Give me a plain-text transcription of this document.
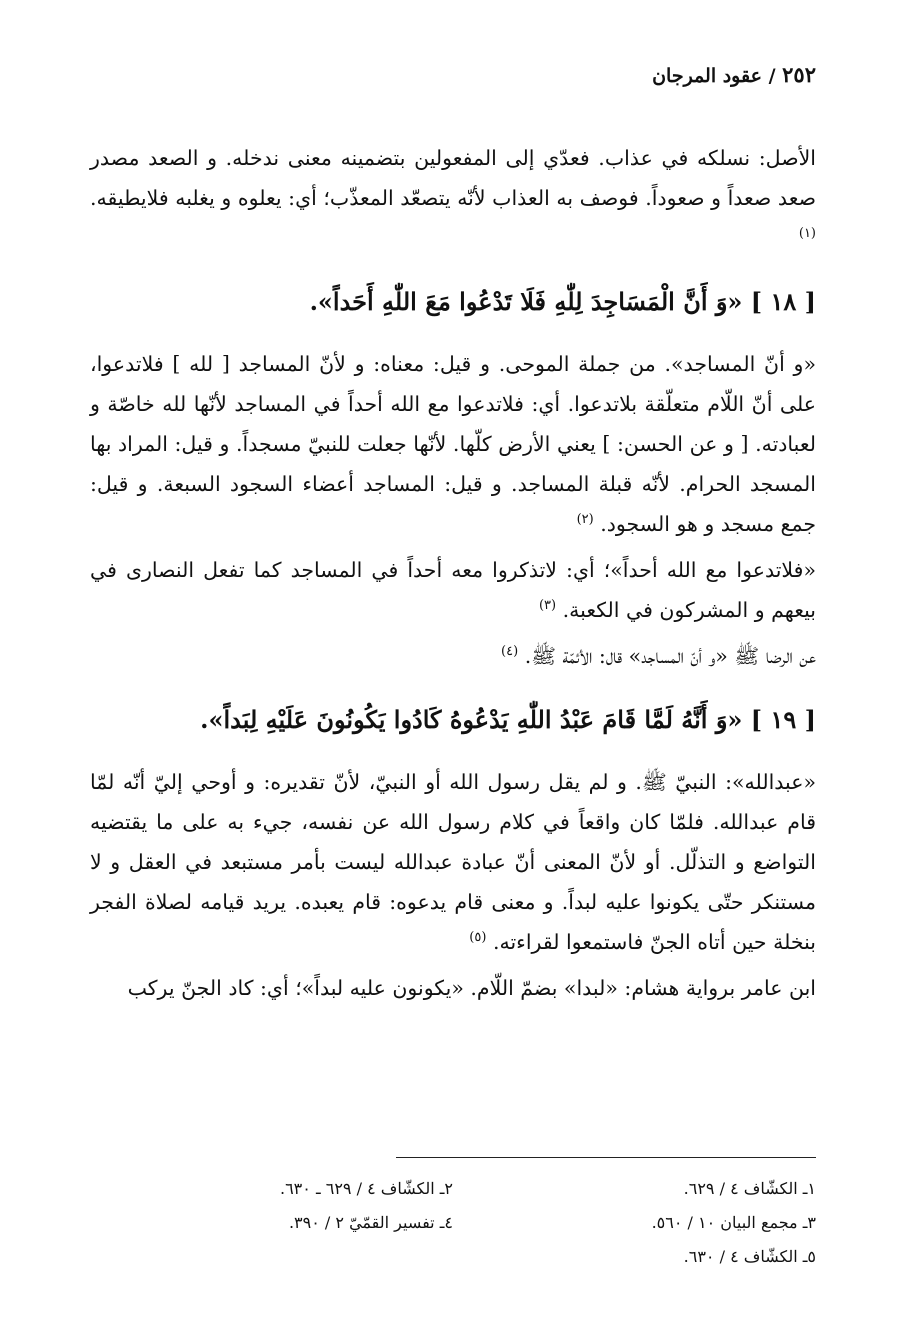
٢٥٢ / عقود المرجان

الأصل: نسلكه في عذاب. فعدّي إلى المفعولين بتضمينه معنى ندخله. و الصعد مصدر صعد صعداً و صعوداً. فوصف به العذاب لأنّه يتصعّد المعذّب؛ أي: يعلوه و يغلبه فلايطيقه. $^{(١)}$

[ ١٨ ] «وَ أَنَّ الْمَسَاجِدَ لِلّٰهِ فَلَا تَدْعُوا مَعَ اللّٰهِ أَحَداً».

«و أنّ المساجد». من جملة الموحى. و قيل: معناه: و لأنّ المساجد [ لله ] فلاتدعوا، على أنّ اللّام متعلّقة بلاتدعوا. أي: فلاتدعوا مع الله أحداً في المساجد لأنّها لله خاصّة و لعبادته. [ و عن الحسن: ] يعني الأرض كلّها. لأنّها جعلت للنبيّ مسجداً. و قيل: المراد بها المسجد الحرام. لأنّه قبلة المساجد. و قيل: المساجد أعضاء السجود السبعة. و قيل: جمع مسجد و هو السجود. $^{(٢)}$

«فلاتدعوا مع الله أحداً»؛ أي: لاتذكروا معه أحداً في المساجد كما تفعل النصارى في بيعهم و المشركون في الكعبة. $^{(٣)}$

عن الرضا ﷺ «و أنّ المساجد» قال: الأئمّة ﷺ. $^{(٤)}$

[ ١٩ ] «وَ أَنَّهُ لَمَّا قَامَ عَبْدُ اللّٰهِ يَدْعُوهُ كَادُوا يَكُونُونَ عَلَيْهِ لِبَداً».

«عبدالله»: النبيّ ﷺ. و لم يقل رسول الله أو النبيّ، لأنّ تقديره: و أوحي إليّ أنّه لمّا قام عبدالله. فلمّا كان واقعاً في كلام رسول الله عن نفسه، جيء به على ما يقتضيه التواضع و التذلّل. أو لأنّ المعنى أنّ عبادة عبدالله ليست بأمر مستبعد في العقل و لا مستنكر حتّى يكونوا عليه لبداً. و معنى قام يدعوه: قام يعبده. يريد قيامه لصلاة الفجر بنخلة حين أتاه الجنّ فاستمعوا لقراءته. $^{(٥)}$

ابن عامر برواية هشام: «لبدا» بضمّ اللّام. «يكونون عليه لبداً»؛ أي: كاد الجنّ يركب

١ـ الكشّاف ٤ / ٦٢٩.
٢ـ الكشّاف ٤ / ٦٢٩ ـ ٦٣٠.
٣ـ مجمع البيان ١٠ / ٥٦٠.
٤ـ تفسير القمّيّ ٢ / ٣٩٠.
٥ـ الكشّاف ٤ / ٦٣٠.
